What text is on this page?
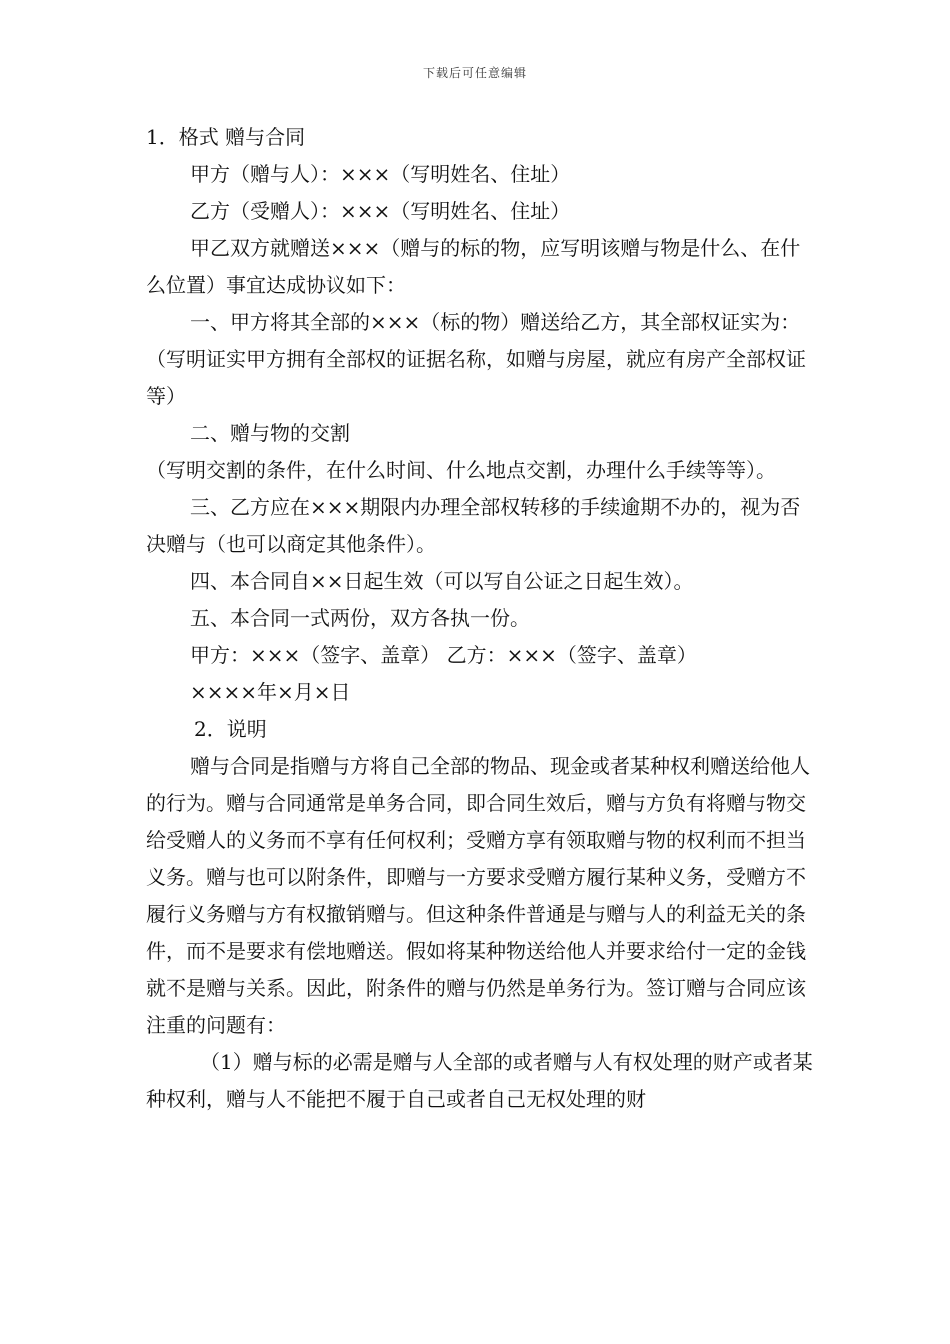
下载后可任意编辑

1．格式 赠与合同

甲方（赠与人）：×××（写明姓名、住址）

乙方（受赠人）：×××（写明姓名、住址）

甲乙双方就赠送×××（赠与的标的物，应写明该赠与物是什么、在什么位置）事宜达成协议如下：

一、甲方将其全部的×××（标的物）赠送给乙方，其全部权证实为：（写明证实甲方拥有全部权的证据名称，如赠与房屋，就应有房产全部权证等）

二、赠与物的交割

（写明交割的条件，在什么时间、什么地点交割，办理什么手续等等）。

三、乙方应在×××期限内办理全部权转移的手续逾期不办的，视为否决赠与（也可以商定其他条件）。

四、本合同自××日起生效（可以写自公证之日起生效）。

五、本合同一式两份，双方各执一份。

甲方：×××（签字、盖章） 乙方：×××（签字、盖章）

××××年×月×日

2．说明

赠与合同是指赠与方将自己全部的物品、现金或者某种权利赠送给他人的行为。赠与合同通常是单务合同，即合同生效后，赠与方负有将赠与物交给受赠人的义务而不享有任何权利；受赠方享有领取赠与物的权利而不担当义务。赠与也可以附条件，即赠与一方要求受赠方履行某种义务，受赠方不履行义务赠与方有权撤销赠与。但这种条件普通是与赠与人的利益无关的条件，而不是要求有偿地赠送。假如将某种物送给他人并要求给付一定的金钱就不是赠与关系。因此，附条件的赠与仍然是单务行为。签订赠与合同应该注重的问题有：

（1）赠与标的必需是赠与人全部的或者赠与人有权处理的财产或者某种权利，赠与人不能把不履于自己或者自己无权处理的财
